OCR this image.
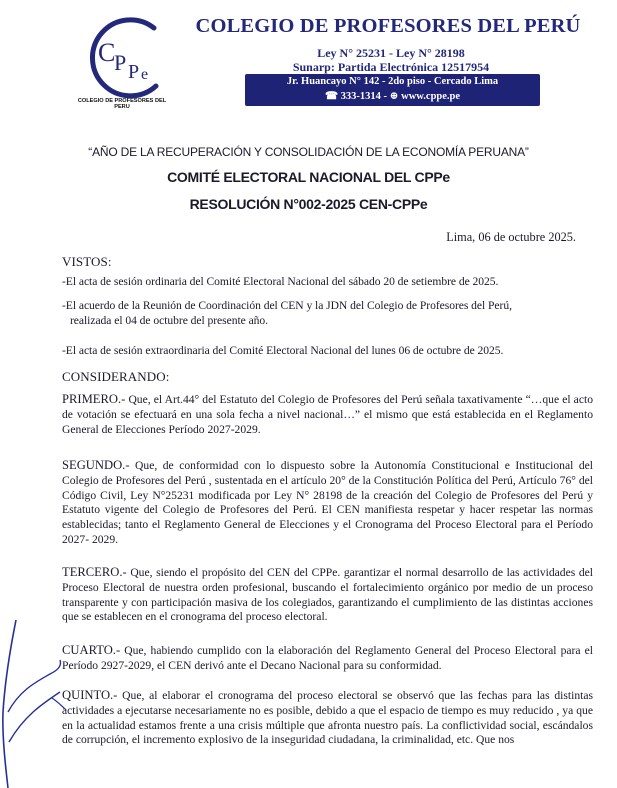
C
P P e
COLEGIO DE PROFESORES DEL PERU
COLEGIO DE PROFESORES DEL PERÚ
Ley N° 25231 - Ley N° 28198
Sunarp: Partida Electrónica 12517954
Jr. Huancayo N° 142 - 2do piso - Cercado Lima
☎ 333-1314 - ⊕ www.cppe.pe
“AÑO DE LA RECUPERACIÓN Y CONSOLIDACIÓN DE LA ECONOMÍA PERUANA”
COMITÉ ELECTORAL NACIONAL DEL CPPe
RESOLUCIÓN N°002-2025 CEN-CPPe
Lima, 06 de octubre 2025.
VISTOS:
-El acta de sesión ordinaria del Comité Electoral Nacional del sábado 20 de setiembre de 2025.
-El acuerdo de la Reunión de Coordinación del CEN y la JDN del Colegio de Profesores del Perú,
realizada el 04 de octubre del presente año.
-El acta de sesión extraordinaria del Comité Electoral Nacional del lunes 06 de octubre de 2025.
CONSIDERANDO:
PRIMERO.- Que, el Art.44° del Estatuto del Colegio de Profesores del Perú señala taxativamente “…que el acto de votación se efectuará en una sola fecha a nivel nacional…” el mismo que está establecida en el Reglamento General de Elecciones Período 2027-2029.
SEGUNDO.- Que, de conformidad con lo dispuesto sobre la Autonomía Constitucional e Institucional del Colegio de Profesores del Perú , sustentada en el artículo 20° de la Constitución Política del Perú, Artículo 76° del Código Civil, Ley N°25231 modificada por Ley N° 28198 de la creación del Colegio de Profesores del Perú y Estatuto vigente del Colegio de Profesores del Perú. El CEN manifiesta respetar y hacer respetar las normas establecidas; tanto el Reglamento General de Elecciones y el Cronograma del Proceso Electoral para el Período 2027- 2029.
TERCERO.- Que, siendo el propósito del CEN del CPPe. garantizar el normal desarrollo de las actividades del Proceso Electoral de nuestra orden profesional, buscando el fortalecimiento orgánico por medio de un proceso transparente y con participación masiva de los colegiados, garantizando el cumplimiento de las distintas acciones que se establecen en el cronograma del proceso electoral.
CUARTO.- Que, habiendo cumplido con la elaboración del Reglamento General del Proceso Electoral para el Período 2927-2029, el CEN derivó ante el Decano Nacional para su conformidad.
QUINTO.- Que, al elaborar el cronograma del proceso electoral se observó que las fechas para las distintas actividades a ejecutarse necesariamente no es posible, debido a que el espacio de tiempo es muy reducido , ya que en la actualidad estamos frente a una crisis múltiple que afronta nuestro país. La conflictividad social, escándalos de corrupción, el incremento explosivo de la inseguridad ciudadana, la criminalidad, etc. Que nos
